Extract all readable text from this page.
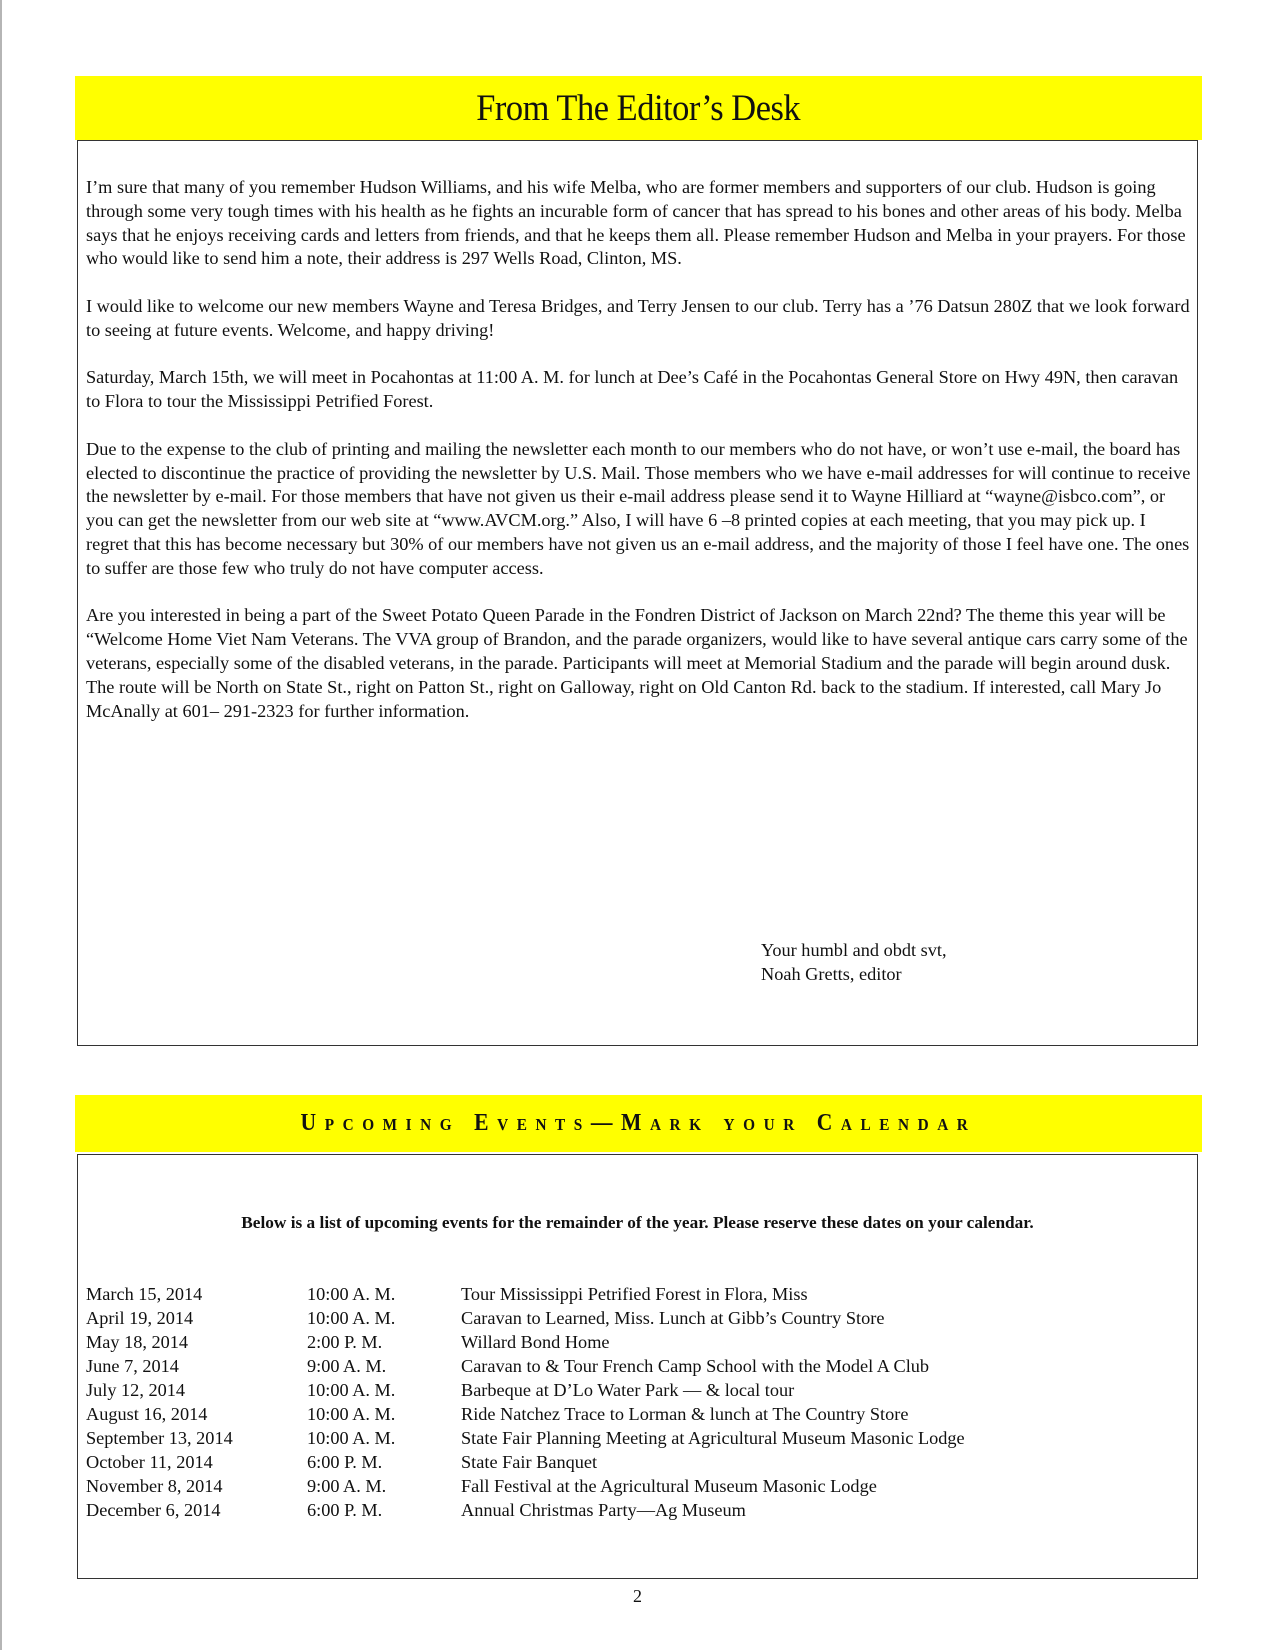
From The Editor’s Desk

I’m sure that many of you remember Hudson Williams, and his wife Melba, who are former members and supporters of our club. Hudson is going through some very tough times with his health as he fights an incurable form of cancer that has spread to his bones and other areas of his body. Melba says that he enjoys receiving cards and letters from friends, and that he keeps them all. Please remember Hudson and Melba in your prayers. For those who would like to send him a note, their address is 297 Wells Road, Clinton, MS.

I would like to welcome our new members Wayne and Teresa Bridges, and Terry Jensen to our club. Terry has a ’76 Datsun 280Z that we look forward to seeing at future events. Welcome, and happy driving!

Saturday, March 15th, we will meet in Pocahontas at 11:00 A. M. for lunch at Dee’s Café in the Pocahontas General Store on Hwy 49N, then caravan to Flora to tour the Mississippi Petrified Forest.

Due to the expense to the club of printing and mailing the newsletter each month to our members who do not have, or won’t use e-mail, the board has elected to discontinue the practice of providing the newsletter by U.S. Mail. Those members who we have e-mail addresses for will continue to receive the newsletter by e-mail. For those members that have not given us their e-mail address please send it to Wayne Hilliard at “wayne@isbco.com”, or you can get the newsletter from our web site at “www.AVCM.org.” Also, I will have 6 –8 printed copies at each meeting, that you may pick up. I regret that this has become necessary but 30% of our members have not given us an e-mail address, and the majority of those I feel have one. The ones to suffer are those few who truly do not have computer access.

Are you interested in being a part of the Sweet Potato Queen Parade in the Fondren District of Jackson on March 22nd? The theme this year will be “Welcome Home Viet Nam Veterans. The VVA group of Brandon, and the parade organizers, would like to have several antique cars carry some of the veterans, especially some of the disabled veterans, in the parade. Participants will meet at Memorial Stadium and the parade will begin around dusk. The route will be North on State St., right on Patton St., right on Galloway, right on Old Canton Rd. back to the stadium. If interested, call Mary Jo McAnally at 601– 291-2323 for further information.

Your humbl and obdt svt,
Noah Gretts, editor
Upcoming Events—Mark your Calendar
Below is a list of upcoming events for the remainder of the year. Please reserve these dates on your calendar.
March 15, 2014	10:00 A. M.	Tour Mississippi Petrified Forest in Flora, Miss
April 19, 2014	10:00 A. M.	Caravan to Learned, Miss. Lunch at Gibb’s Country Store
May 18, 2014	2:00 P. M.	Willard Bond Home
June 7, 2014	9:00 A. M.	Caravan to & Tour French Camp School with the Model A Club
July 12, 2014	10:00 A. M.	Barbeque at D’Lo Water Park — & local tour
August 16, 2014	10:00 A. M.	Ride Natchez Trace to Lorman & lunch at The Country Store
September 13, 2014	10:00 A. M.	State Fair Planning Meeting at Agricultural Museum Masonic Lodge
October 11, 2014	6:00 P. M.	State Fair Banquet
November 8, 2014	9:00 A. M.	Fall Festival at the Agricultural Museum Masonic Lodge
December 6, 2014	6:00 P. M.	Annual Christmas Party—Ag Museum
2
